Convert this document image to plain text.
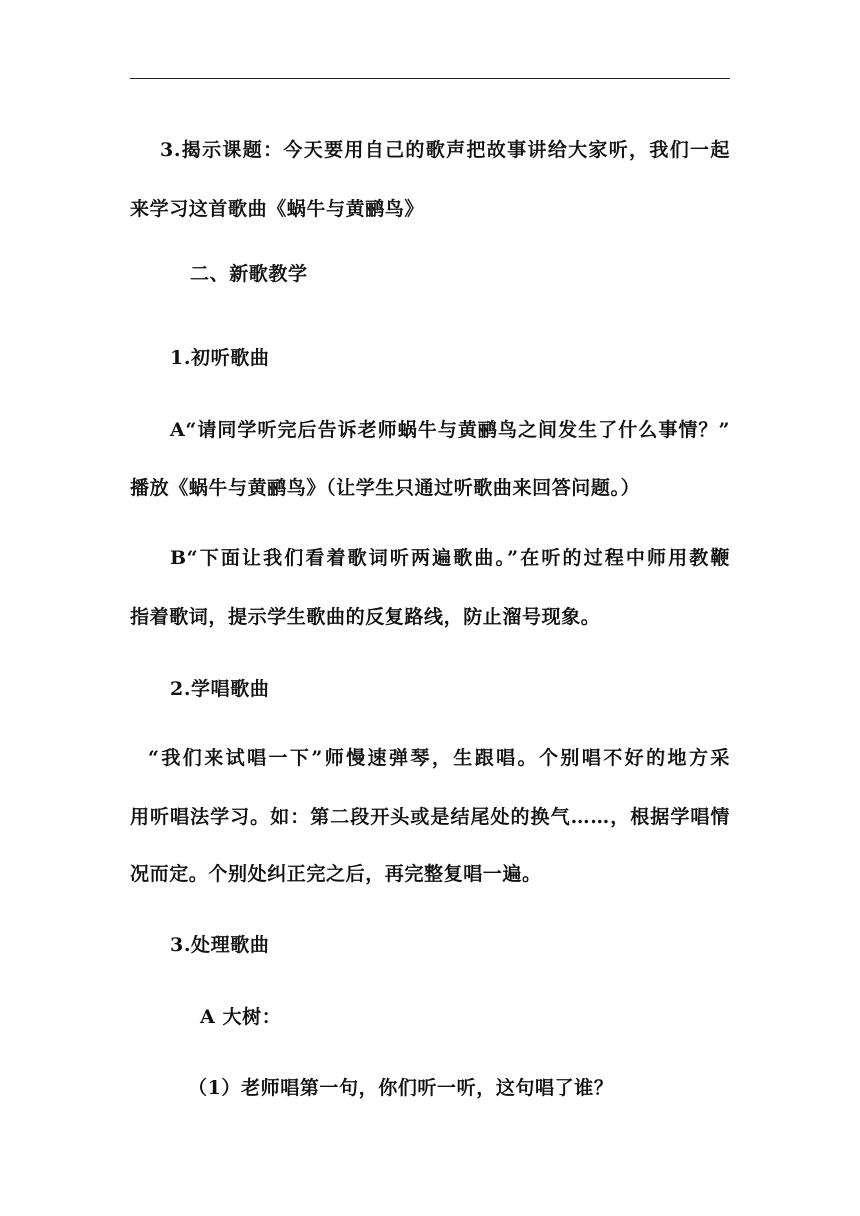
3.揭示课题：今天要用自己的歌声把故事讲给大家听，我们一起
来学习这首歌曲《蜗牛与黄鹂鸟》
二、新歌教学
1.初听歌曲
A“请同学听完后告诉老师蜗牛与黄鹂鸟之间发生了什么事情？”
播放《蜗牛与黄鹂鸟》（让学生只通过听歌曲来回答问题。）
B“下面让我们看着歌词听两遍歌曲。”在听的过程中师用教鞭
指着歌词，提示学生歌曲的反复路线，防止溜号现象。
2.学唱歌曲
“我们来试唱一下”师慢速弹琴，生跟唱。个别唱不好的地方采
用听唱法学习。如：第二段开头或是结尾处的换气……，根据学唱情
况而定。个别处纠正完之后，再完整复唱一遍。
3.处理歌曲
A 大树：
（1）老师唱第一句，你们听一听，这句唱了谁？
